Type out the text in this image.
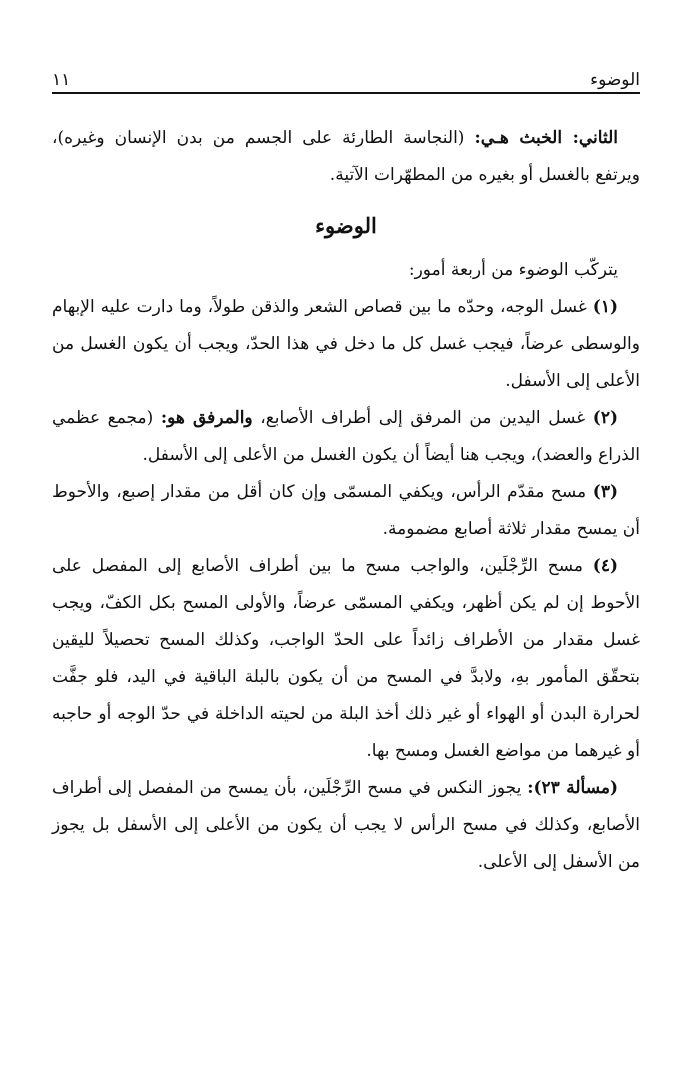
الوضوء
١١

الثاني: الخبث هـي: (النجاسة الطارئة على الجسم من بدن الإنسان وغيره)، ويرتفع بالغسل أو بغيره من المطهّرات الآتية.

الوضوء

يتركّب الوضوء من أربعة أمور:

(١) غسل الوجه، وحدّه ما بين قصاص الشعر والذقن طولاً، وما دارت عليه الإبهام والوسطى عرضاً، فيجب غسل كل ما دخل في هذا الحدّ، ويجب أن يكون الغسل من الأعلى إلى الأسفل.

(٢) غسل اليدين من المرفق إلى أطراف الأصابع، والمرفق هو: (مجمع عظمي الذراع والعضد)، ويجب هنا أيضاً أن يكون الغسل من الأعلى إلى الأسفل.

(٣) مسح مقدّم الرأس، ويكفي المسمّى وإن كان أقل من مقدار إصبع، والأحوط أن يمسح مقدار ثلاثة أصابع مضمومة.

(٤) مسح الرِّجْلَين، والواجب مسح ما بين أطراف الأصابع إلى المفصل على الأحوط إن لم يكن أظهر، ويكفي المسمّى عرضاً، والأولى المسح بكل الكفّ، ويجب غسل مقدار من الأطراف زائداً على الحدّ الواجب، وكذلك المسح تحصيلاً لليقين بتحقّق المأمور بهِ، ولابدَّ في المسح من أن يكون بالبلة الباقية في اليد، فلو جفَّت لحرارة البدن أو الهواء أو غير ذلك أخذ البلة من لحيته الداخلة في حدّ الوجه أو حاجبه أو غيرهما من مواضع الغسل ومسح بها.

(مسألة ٢٣): يجوز النكس في مسح الرِّجْلَين، بأن يمسح من المفصل إلى أطراف الأصابع، وكذلك في مسح الرأس لا يجب أن يكون من الأعلى إلى الأسفل بل يجوز من الأسفل إلى الأعلى.
